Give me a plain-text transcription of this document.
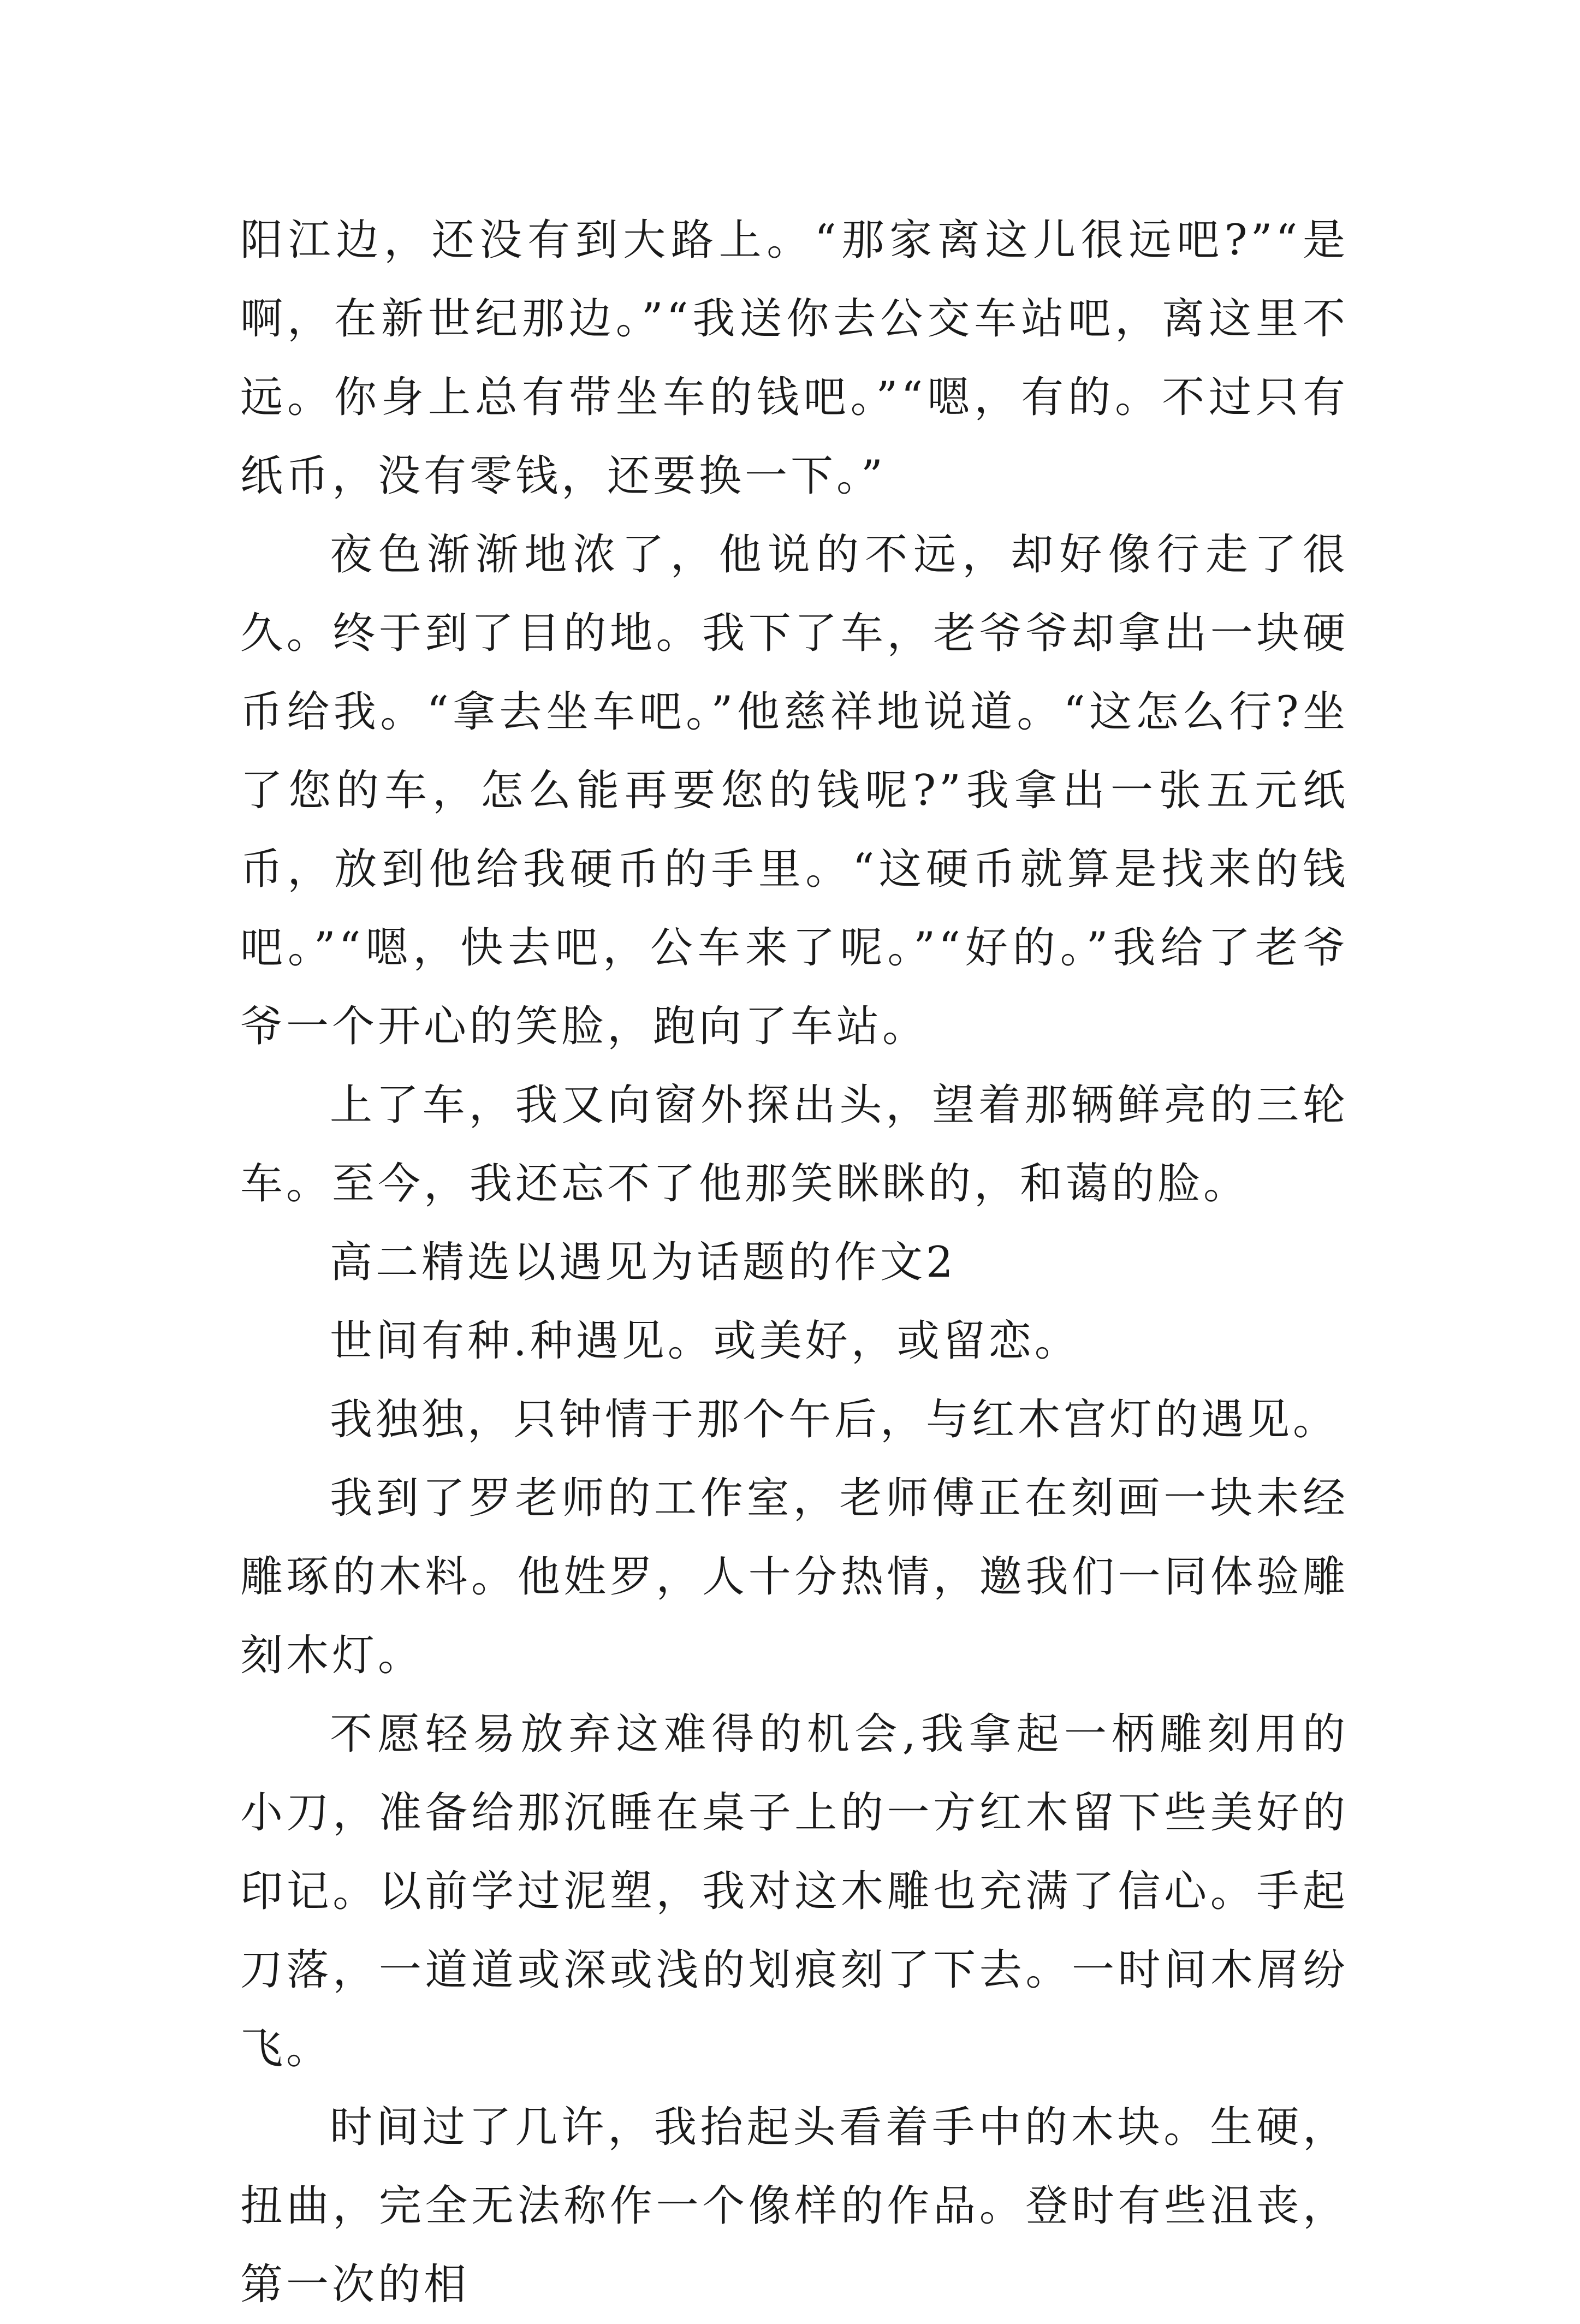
阳江边，还没有到大路上。“那家离这儿很远吧?”“是啊，在新世纪那边。”“我送你去公交车站吧，离这里不远。你身上总有带坐车的钱吧。”“嗯，有的。不过只有纸币，没有零钱，还要换一下。”

夜色渐渐地浓了，他说的不远，却好像行走了很久。终于到了目的地。我下了车，老爷爷却拿出一块硬币给我。“拿去坐车吧。”他慈祥地说道。“这怎么行?坐了您的车，怎么能再要您的钱呢?”我拿出一张五元纸币，放到他给我硬币的手里。“这硬币就算是找来的钱吧。”“嗯，快去吧，公车来了呢。”“好的。”我给了老爷爷一个开心的笑脸，跑向了车站。

上了车，我又向窗外探出头，望着那辆鲜亮的三轮车。至今，我还忘不了他那笑眯眯的，和蔼的脸。

高二精选以遇见为话题的作文2

世间有种.种遇见。或美好，或留恋。

我独独，只钟情于那个午后，与红木宫灯的遇见。

我到了罗老师的工作室，老师傅正在刻画一块未经雕琢的木料。他姓罗，人十分热情，邀我们一同体验雕刻木灯。

不愿轻易放弃这难得的机会,我拿起一柄雕刻用的小刀，准备给那沉睡在桌子上的一方红木留下些美好的印记。以前学过泥塑，我对这木雕也充满了信心。手起刀落，一道道或深或浅的划痕刻了下去。一时间木屑纷飞。

时间过了几许，我抬起头看着手中的木块。生硬，扭曲，完全无法称作一个像样的作品。登时有些沮丧，第一次的相
